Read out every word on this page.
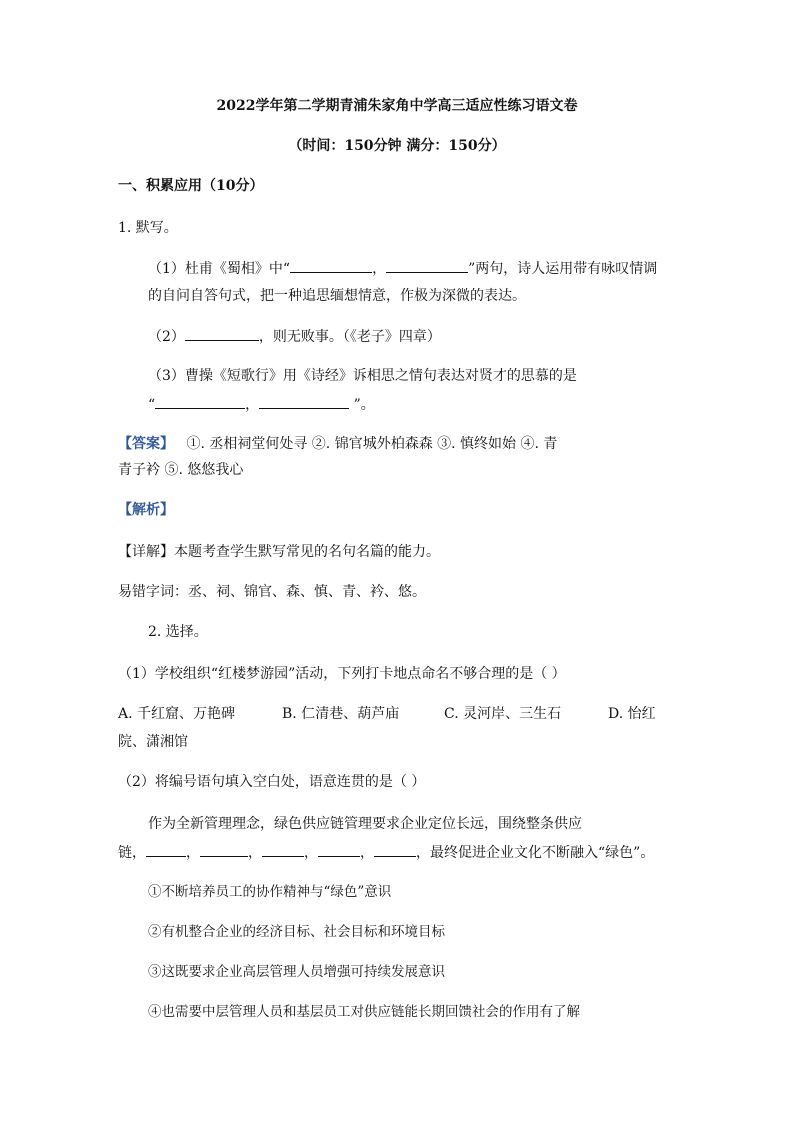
2022学年第二学期青浦朱家角中学高三适应性练习语文卷
（时间：150分钟 满分：150分）
一、积累应用（10分）
1. 默写。
（1）杜甫《蜀相》中“	，	”两句，诗人运用带有咏叹情调
的自问自答句式，把一种追思缅想情意，作极为深微的表达。
（2）	，则无败事。（《老子》四章）
（3）曹操《短歌行》用《诗经》诉相思之情句表达对贤才的思慕的是
“	，	”。
【答案】 ①. 丞相祠堂何处寻 ②. 锦官城外柏森森 ③. 慎终如始 ④. 青
青子衿 ⑤. 悠悠我心
【解析】
【详解】本题考查学生默写常见的名句名篇的能力。
易错字词：丞、祠、锦官、森、慎、青、衿、悠。
2. 选择。
（1）学校组织“红楼梦游园”活动，下列打卡地点命名不够合理的是（ ）
A. 千红窟、万艳碑	B. 仁清巷、葫芦庙	C. 灵河岸、三生石	D. 怡红
院、潇湘馆
（2）将编号语句填入空白处，语意连贯的是（ ）
作为全新管理理念，绿色供应链管理要求企业定位长远，围绕整条供应
链，	，	，	，	，	，最终促进企业文化不断融入“绿色”。
①不断培养员工的协作精神与“绿色”意识
②有机整合企业的经济目标、社会目标和环境目标
③这既要求企业高层管理人员增强可持续发展意识
④也需要中层管理人员和基层员工对供应链能长期回馈社会的作用有了解
